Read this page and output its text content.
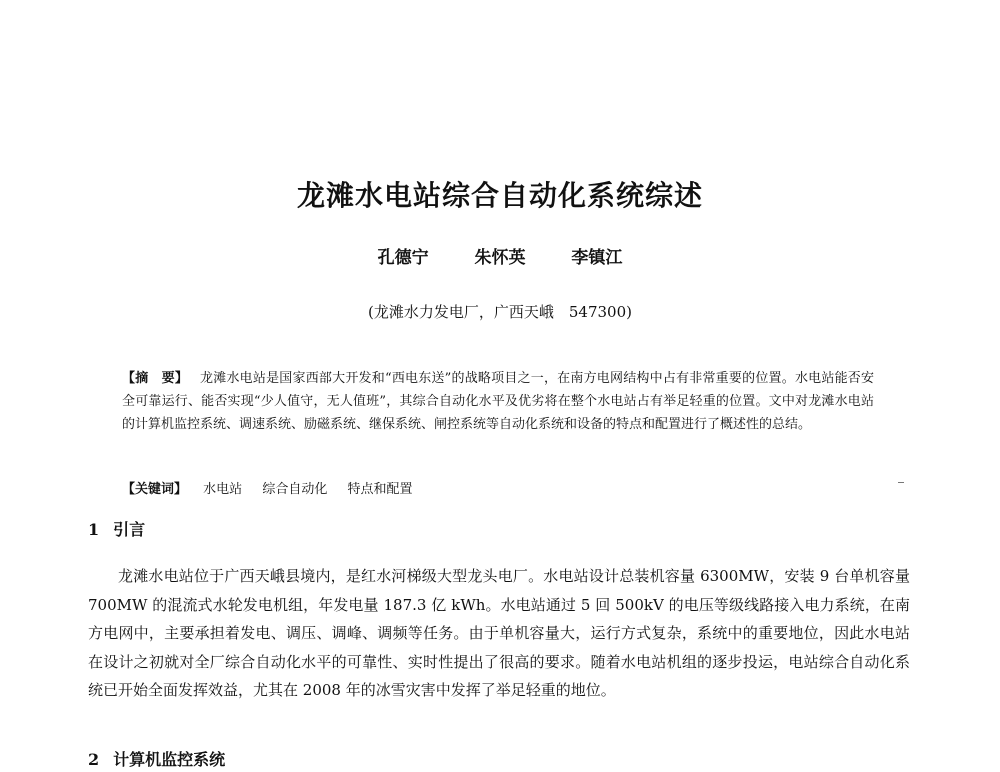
龙滩水电站综合自动化系统综述
孔德宁	朱怀英	李镇江
(龙滩水力发电厂，广西天峨　547300)
【摘　要】 龙滩水电站是国家西部大开发和“西电东送”的战略项目之一，在南方电网结构中占有非常重要的位置。水电站能否安全可靠运行、能否实现“少人值守，无人值班”，其综合自动化水平及优劣将在整个水电站占有举足轻重的位置。文中对龙滩水电站的计算机监控系统、调速系统、励磁系统、继保系统、闸控系统等自动化系统和设备的特点和配置进行了概述性的总结。
【关键词】 水电站 综合自动化 特点和配置
1 引言
龙滩水电站位于广西天峨县境内，是红水河梯级大型龙头电厂。水电站设计总装机容量 6300MW，安装 9 台单机容量 700MW 的混流式水轮发电机组，年发电量 187.3 亿 kWh。水电站通过 5 回 500kV 的电压等级线路接入电力系统，在南方电网中，主要承担着发电、调压、调峰、调频等任务。由于单机容量大，运行方式复杂，系统中的重要地位，因此水电站在设计之初就对全厂综合自动化水平的可靠性、实时性提出了很高的要求。随着水电站机组的逐步投运，电站综合自动化系统已开始全面发挥效益，尤其在 2008 年的冰雪灾害中发挥了举足轻重的地位。
2 计算机监控系统
